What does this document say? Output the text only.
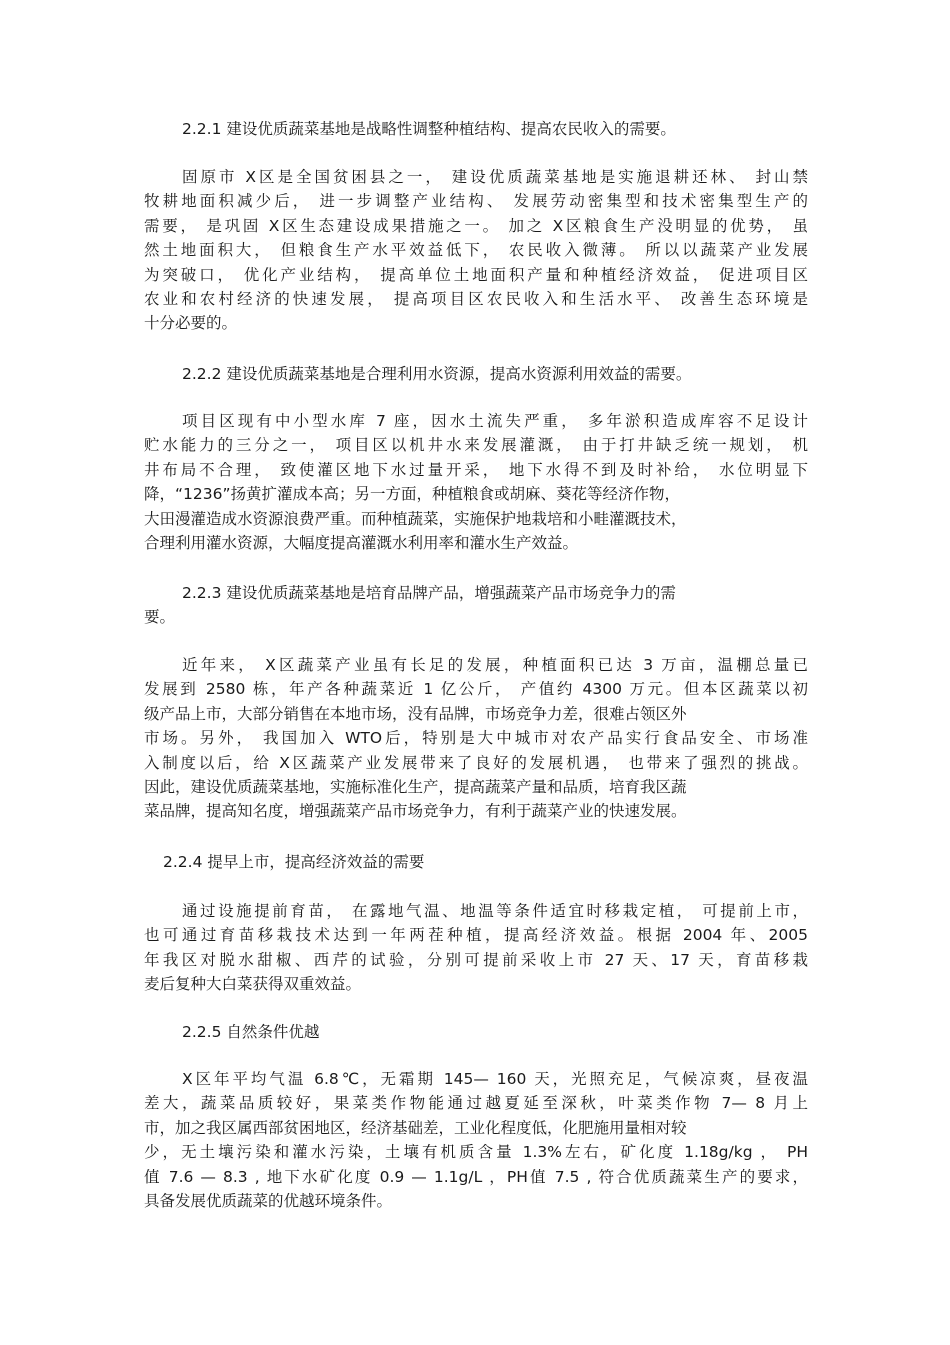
2.2.1 建设优质蔬菜基地是战略性调整种植结构、提高农民收入的需要。
固原市 X区是全国贫困县之一， 建设优质蔬菜基地是实施退耕还林、 封山禁
牧耕地面积减少后， 进一步调整产业结构、 发展劳动密集型和技术密集型生产的
需要， 是巩固 X区生态建设成果措施之一。 加之 X区粮食生产没明显的优势， 虽
然土地面积大， 但粮食生产水平效益低下， 农民收入微薄。 所以以蔬菜产业发展
为突破口， 优化产业结构， 提高单位土地面积产量和种植经济效益， 促进项目区
农业和农村经济的快速发展， 提高项目区农民收入和生活水平、 改善生态环境是
十分必要的。
2.2.2 建设优质蔬菜基地是合理利用水资源，提高水资源利用效益的需要。
项目区现有中小型水库 7 座，因水土流失严重， 多年淤积造成库容不足设计
贮水能力的三分之一， 项目区以机井水来发展灌溉， 由于打井缺乏统一规划， 机
井布局不合理， 致使灌区地下水过量开采， 地下水得不到及时补给， 水位明显下
降，“1236”扬黄扩灌成本高；另一方面，种植粮食或胡麻、葵花等经济作物，
大田漫灌造成水资源浪费严重。而种植蔬菜，实施保护地栽培和小畦灌溉技术，
合理利用灌水资源，大幅度提高灌溉水利用率和灌水生产效益。
2.2.3 建设优质蔬菜基地是培育品牌产品，增强蔬菜产品市场竞争力的需
要。
近年来， X区蔬菜产业虽有长足的发展，种植面积已达 3 万亩，温棚总量已
发展到 2580 栋，年产各种蔬菜近 1 亿公斤， 产值约 4300 万元。但本区蔬菜以初
级产品上市，大部分销售在本地市场，没有品牌，市场竞争力差，很难占领区外
市场。另外， 我国加入 WTO后，特别是大中城市对农产品实行食品安全、市场准
入制度以后，给 X区蔬菜产业发展带来了良好的发展机遇， 也带来了强烈的挑战。
因此，建设优质蔬菜基地，实施标准化生产，提高蔬菜产量和品质，培育我区蔬
菜品牌，提高知名度，增强蔬菜产品市场竞争力，有利于蔬菜产业的快速发展。
2.2.4 提早上市，提高经济效益的需要
通过设施提前育苗， 在露地气温、地温等条件适宜时移栽定植， 可提前上市，
也可通过育苗移栽技术达到一年两茬种植，提高经济效益。根据 2004 年、2005
年我区对脱水甜椒、西芹的试验，分别可提前采收上市 27 天、17 天，育苗移栽
麦后复种大白菜获得双重效益。
2.2.5 自然条件优越
X区年平均气温 6.8℃，无霜期 145— 160 天，光照充足，气候凉爽，昼夜温
差大，蔬菜品质较好，果菜类作物能通过越夏延至深秋，叶菜类作物 7— 8 月上
市，加之我区属西部贫困地区，经济基础差，工业化程度低，化肥施用量相对较
少，无土壤污染和灌水污染，土壤有机质含量 1.3%左右，矿化度 1.18g/kg ， PH
值 7.6 — 8.3 , 地下水矿化度 0.9 — 1.1g/L ，PH值 7.5 , 符合优质蔬菜生产的要求，
具备发展优质蔬菜的优越环境条件。
